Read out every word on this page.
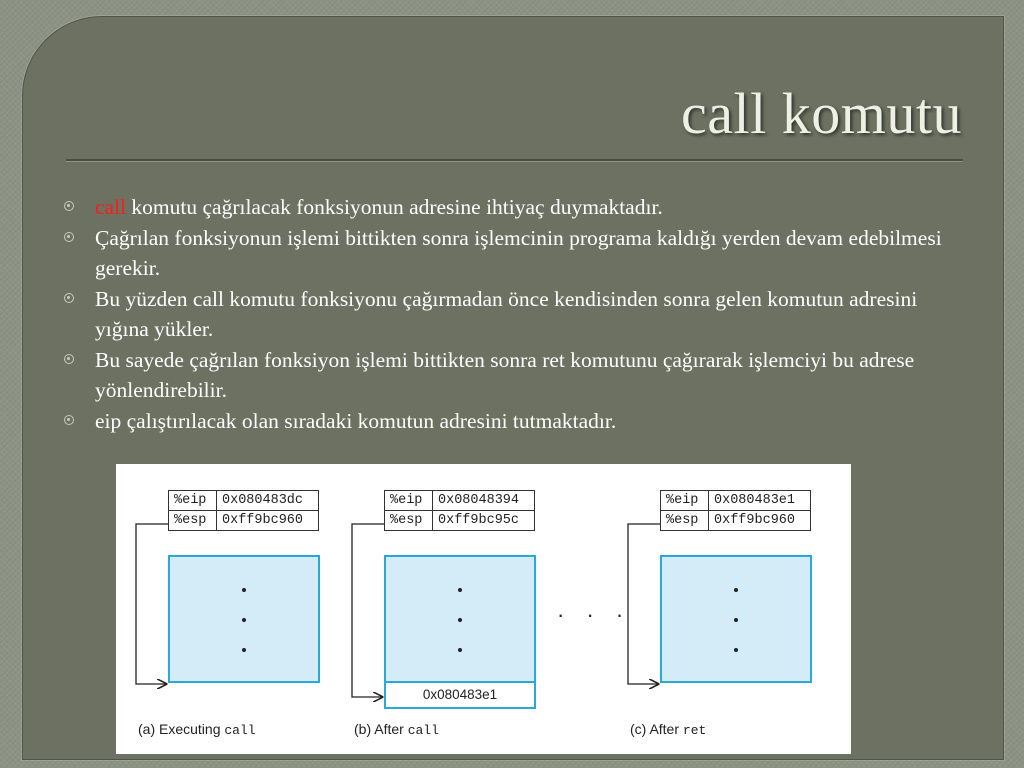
call komutu
call komutu çağrılacak fonksiyonun adresine ihtiyaç duymaktadır.
Çağrılan fonksiyonun işlemi bittikten sonra işlemcinin programa kaldığı yerden devam edebilmesi gerekir.
Bu yüzden call komutu fonksiyonu çağırmadan önce kendisinden sonra gelen komutun adresini yığına yükler.
Bu sayede çağrılan fonksiyon işlemi bittikten sonra ret komutunu çağırarak işlemciyi bu adrese yönlendirebilir.
eip çalıştırılacak olan sıradaki komutun adresini tutmaktadır.
%eip	0x080483dc
%esp	0xff9bc960
(a) Executing call
%eip	0x08048394
%esp	0xff9bc95c
0x080483e1
(b) After call
· · ·
%eip	0x080483e1
%esp	0xff9bc960
(c) After ret
